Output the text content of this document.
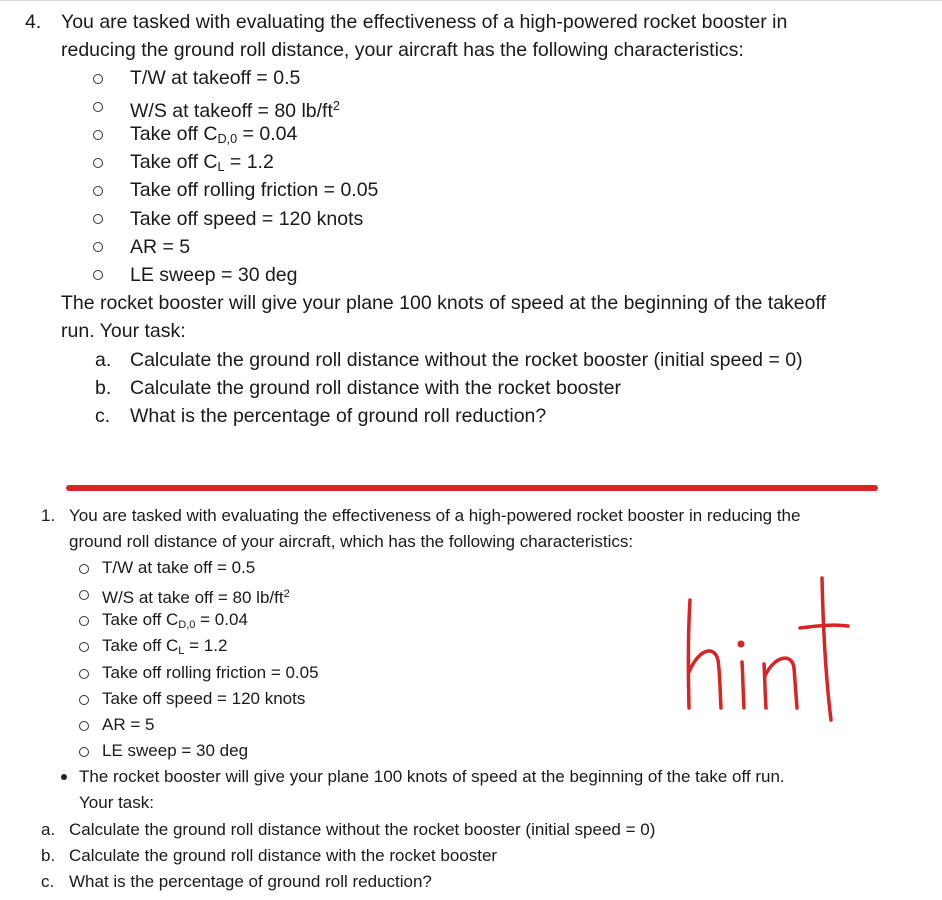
4. You are tasked with evaluating the effectiveness of a high-powered rocket booster in
reducing the ground roll distance, your aircraft has the following characteristics:
T/W at takeoff = 0.5
W/S at takeoff = 80 $lb/ft^2$
Take off $C_{D,0} = 0.04$
Take off $C_L = 1.2$
Take off rolling friction = 0.05
Take off speed = 120 knots
AR = 5
LE sweep = 30 deg
The rocket booster will give your plane 100 knots of speed at the beginning of the takeoff
run. Your task:
a. Calculate the ground roll distance without the rocket booster (initial speed = 0)
b. Calculate the ground roll distance with the rocket booster
c. What is the percentage of ground roll reduction?
1. You are tasked with evaluating the effectiveness of a high-powered rocket booster in reducing the
ground roll distance of your aircraft, which has the following characteristics:
T/W at take off = 0.5
W/S at take off = 80 $lb/ft^2$
Take off $C_{D,0} = 0.04$
Take off $C_L = 1.2$
Take off rolling friction = 0.05
Take off speed = 120 knots
AR = 5
LE sweep = 30 deg
The rocket booster will give your plane 100 knots of speed at the beginning of the take off run.
Your task:
a. Calculate the ground roll distance without the rocket booster (initial speed = 0)
b. Calculate the ground roll distance with the rocket booster
c. What is the percentage of ground roll reduction?
